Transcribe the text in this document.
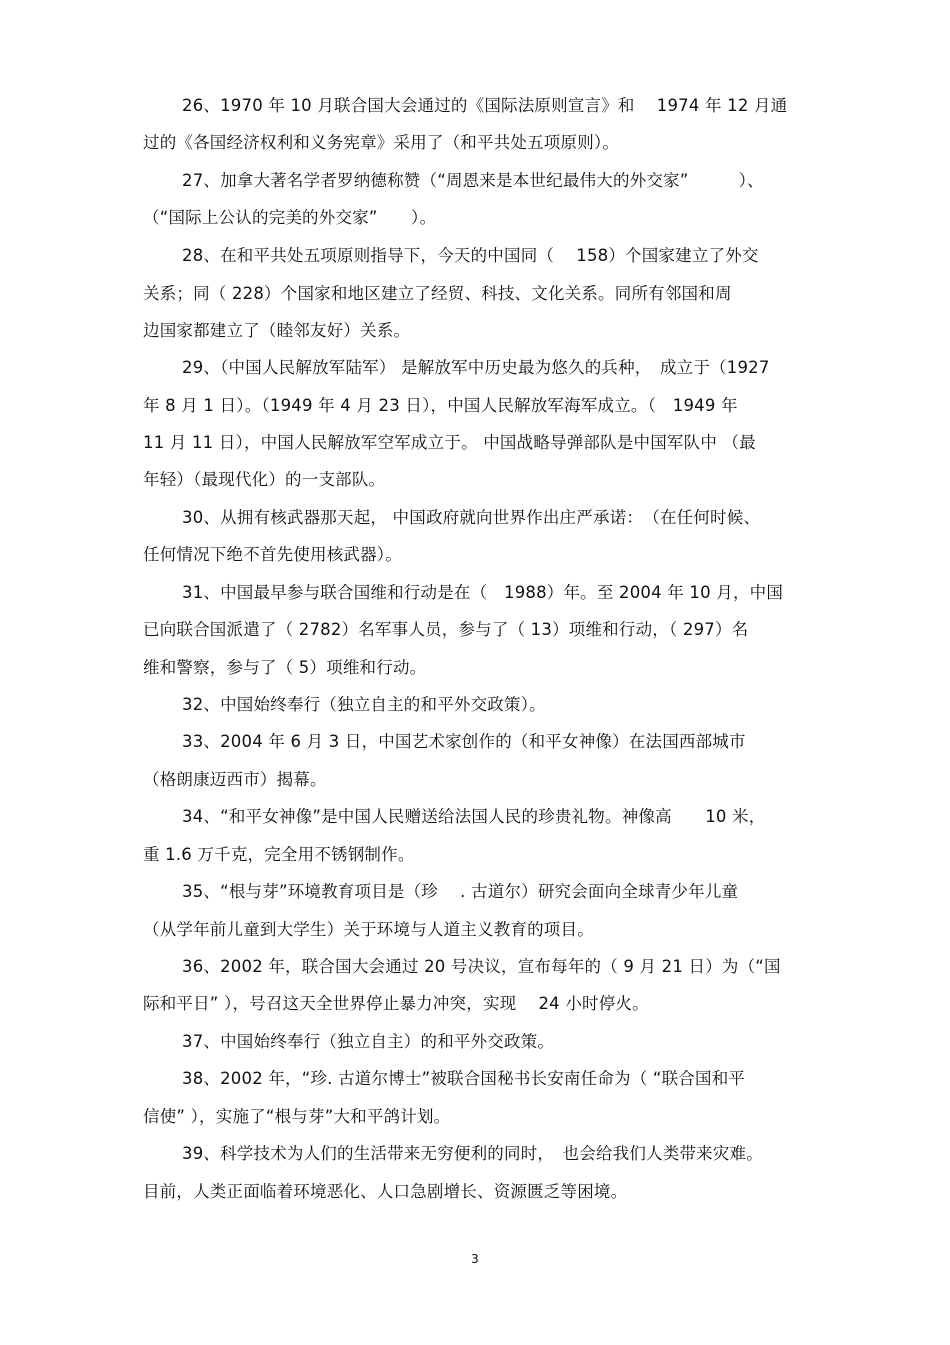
26、1970 年 10 月联合国大会通过的《国际法原则宣言》和　 1974 年 12 月通
过的《各国经济权利和义务宪章》采用了（和平共处五项原则）。
27、加拿大著名学者罗纳德称赞（“周恩来是本世纪最伟大的外交家”　　　）、
（“国际上公认的完美的外交家”　　）。
28、在和平共处五项原则指导下，今天的中国同（　 158）个国家建立了外交
关系；同（ 228）个国家和地区建立了经贸、科技、文化关系。同所有邻国和周
边国家都建立了（睦邻友好）关系。
29、（中国人民解放军陆军） 是解放军中历史最为悠久的兵种，　成立于（1927
年 8 月 1 日）。（1949 年 4 月 23 日），中国人民解放军海军成立。（　1949 年
11 月 11 日），中国人民解放军空军成立于。 中国战略导弹部队是中国军队中 （最
年轻）（最现代化）的一支部队。
30、从拥有核武器那天起， 中国政府就向世界作出庄严承诺：　（在任何时候、
任何情况下绝不首先使用核武器）。
31、中国最早参与联合国维和行动是在（　1988）年。至 2004 年 10 月，中国
已向联合国派遣了（ 2782）名军事人员，参与了（ 13）项维和行动，（ 297）名
维和警察，参与了（ 5）项维和行动。
32、中国始终奉行（独立自主的和平外交政策）。
33、2004 年 6 月 3 日，中国艺术家创作的（和平女神像）在法国西部城市
（格朗康迈西市）揭幕。
34、“和平女神像”是中国人民赠送给法国人民的珍贵礼物。神像高　　10 米，
重 1.6 万千克，完全用不锈钢制作。
35、“根与芽”环境教育项目是（珍 　. 古道尔）研究会面向全球青少年儿童
（从学年前儿童到大学生）关于环境与人道主义教育的项目。
36、2002 年，联合国大会通过 20 号决议，宣布每年的（ 9 月 21 日）为（“国
际和平日” ），号召这天全世界停止暴力冲突，实现　 24 小时停火。
37、中国始终奉行（独立自主）的和平外交政策。
38、2002 年，“珍. 古道尔博士”被联合国秘书长安南任命为（ “联合国和平
信使” ），实施了“根与芽”大和平鸽计划。
39、科学技术为人们的生活带来无穷便利的同时，　也会给我们人类带来灾难。
目前，人类正面临着环境恶化、人口急剧增长、资源匮乏等困境。
3
